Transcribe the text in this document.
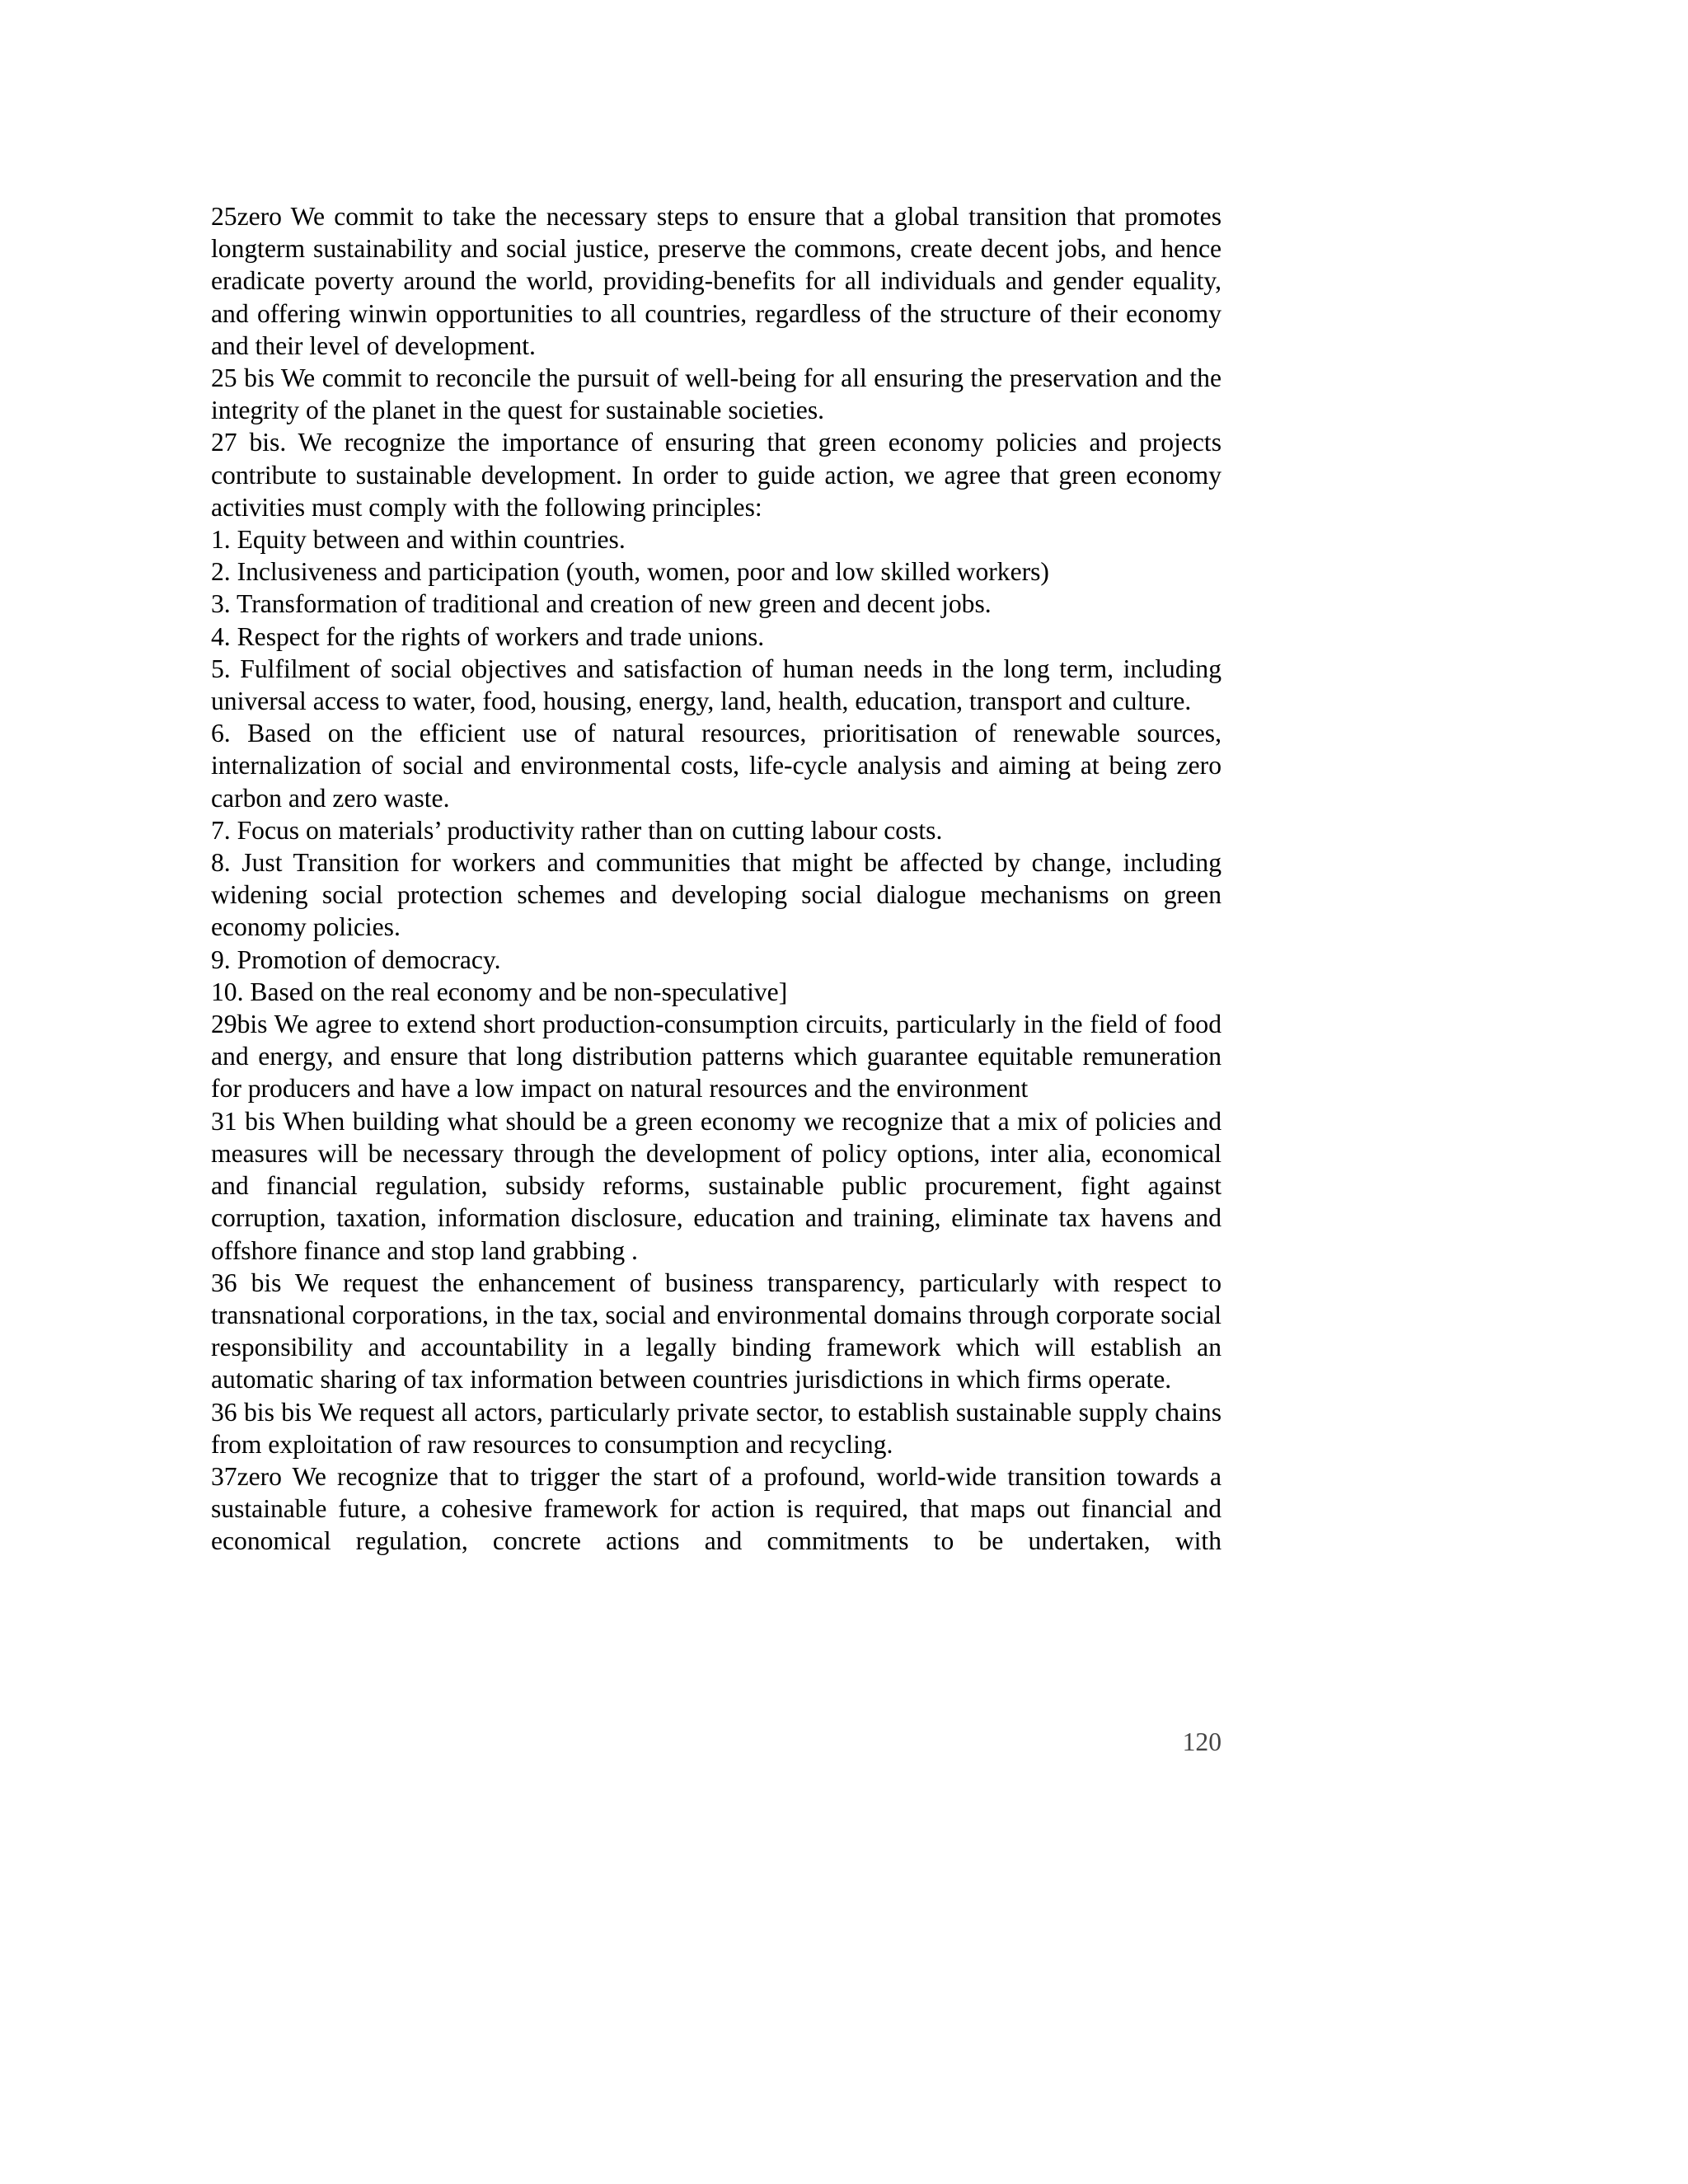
25zero We commit to take the necessary steps to ensure that a global transition that promotes longterm sustainability and social justice, preserve the commons, create decent jobs, and hence eradicate poverty around the world, providing-benefits for all individuals and gender equality, and offering winwin opportunities to all countries, regardless of the structure of their economy and their level of development.

25 bis We commit to reconcile the pursuit of well-being for all ensuring the preservation and the integrity of the planet in the quest for sustainable societies.

27 bis. We recognize the importance of ensuring that green economy policies and projects contribute to sustainable development. In order to guide action, we agree that green economy activities must comply with the following principles:

1. Equity between and within countries.

2. Inclusiveness and participation (youth, women, poor and low skilled workers)

3. Transformation of traditional and creation of new green and decent jobs.

4. Respect for the rights of workers and trade unions.

5. Fulfilment of social objectives and satisfaction of human needs in the long term, including universal access to water, food, housing, energy, land, health, education, transport and culture.

6. Based on the efficient use of natural resources, prioritisation of renewable sources, internalization of social and environmental costs, life-cycle analysis and aiming at being zero carbon and zero waste.

7. Focus on materials’ productivity rather than on cutting labour costs.

8. Just Transition for workers and communities that might be affected by change, including widening social protection schemes and developing social dialogue mechanisms on green economy policies.

9. Promotion of democracy.

10. Based on the real economy and be non-speculative]

29bis We agree to extend short production-consumption circuits, particularly in the field of food and energy, and ensure that long distribution patterns which guarantee equitable remuneration for producers and have a low impact on natural resources and the environment

31 bis When building what should be a green economy we recognize that a mix of policies and measures will be necessary through the development of policy options, inter alia, economical and financial regulation, subsidy reforms, sustainable public procurement, fight against corruption, taxation, information disclosure, education and training, eliminate tax havens and offshore finance and stop land grabbing .

36 bis We request the enhancement of business transparency, particularly with respect to transnational corporations, in the tax, social and environmental domains through corporate social responsibility and accountability in a legally binding framework which will establish an automatic sharing of tax information between countries jurisdictions in which firms operate.

36 bis bis We request all actors, particularly private sector, to establish sustainable supply chains from exploitation of raw resources to consumption and recycling.

37zero We recognize that to trigger the start of a profound, world-wide transition towards a sustainable future, a cohesive framework for action is required, that maps out financial and economical regulation, concrete actions and commitments to be undertaken, with

120
